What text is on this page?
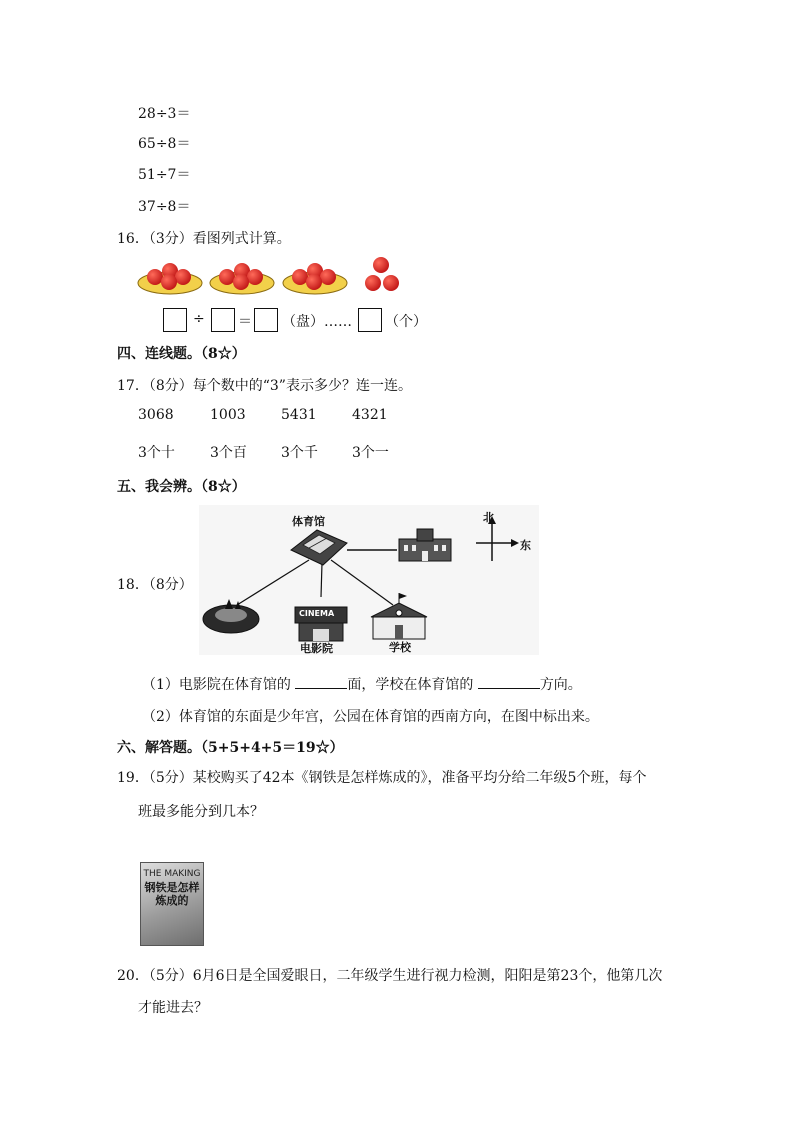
28÷3＝
65÷8＝
51÷7＝
37÷8＝
16．（3分）看图列式计算。
÷ ＝ （盘）…… （个）
四、连线题。（8☆）
17．（8分）每个数中的“3”表示多少？连一连。
3068	1003	5431	4321
3个十	3个百 3个千 3个一
五、我会辨。（8☆）
18．（8分）
体育馆	北
东
CINEMA
电影院	学校
（1）电影院在体育馆的	面，学校在体育馆的	方向。
（2）体育馆的东面是少年宫，公园在体育馆的西南方向，在图中标出来。
六、解答题。（5+5+4+5＝19☆）
19．（5分）某校购买了42本《钢铁是怎样炼成的》，准备平均分给二年级5个班，每个
班最多能分到几本？
THE MAKING
钢铁是怎样炼成的
20．（5分）6月6日是全国爱眼日，二年级学生进行视力检测，阳阳是第23个，他第几次
才能进去？
